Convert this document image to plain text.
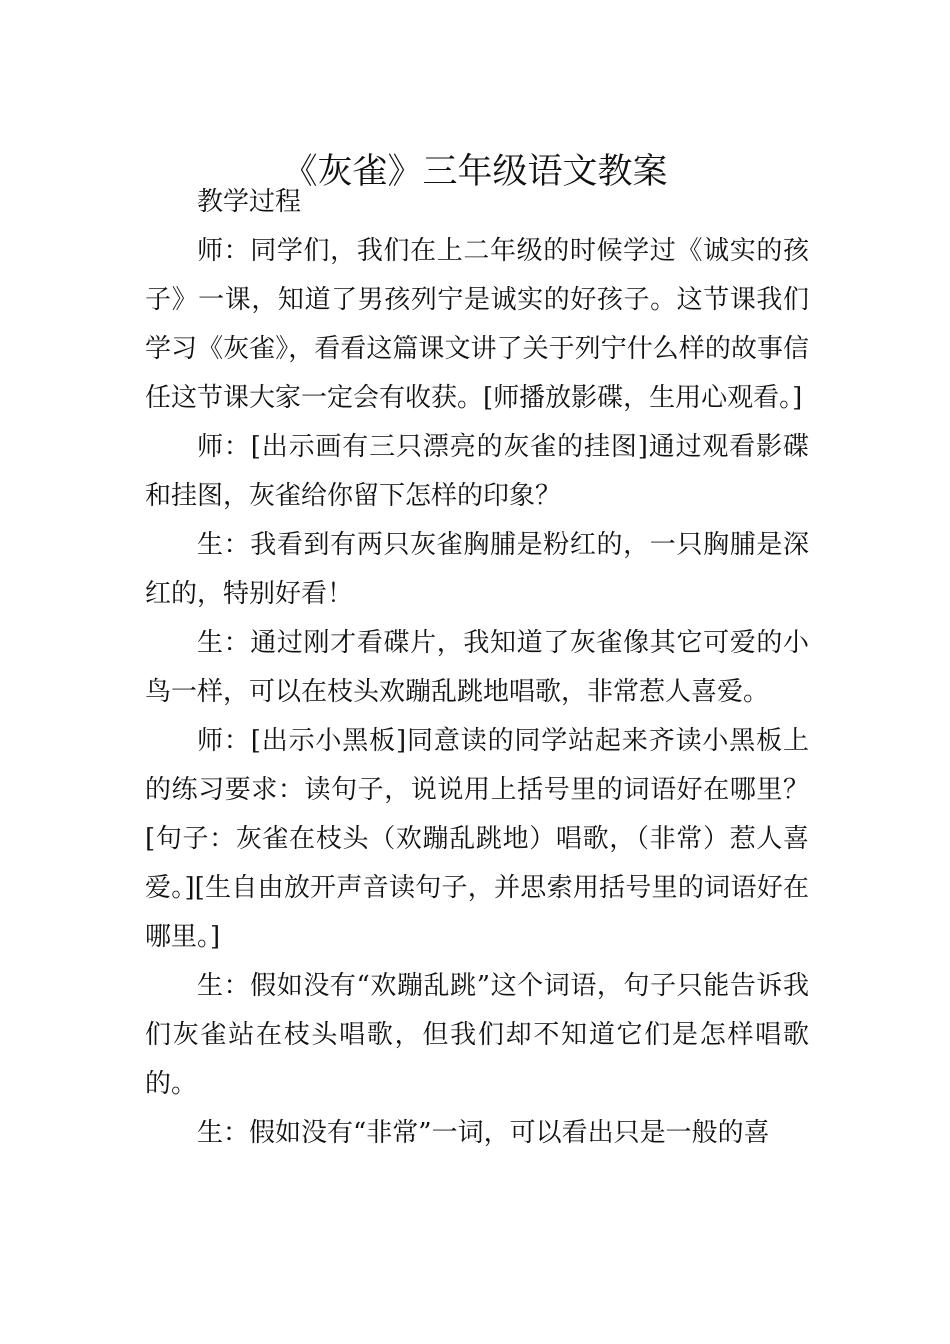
《灰雀》三年级语文教案

教学过程

师：同学们，我们在上二年级的时候学过《诚实的孩子》一课，知道了男孩列宁是诚实的好孩子。这节课我们学习《灰雀》，看看这篇课文讲了关于列宁什么样的故事信任这节课大家一定会有收获。[师播放影碟，生用心观看。]

师：[出示画有三只漂亮的灰雀的挂图]通过观看影碟和挂图，灰雀给你留下怎样的印象？

生：我看到有两只灰雀胸脯是粉红的，一只胸脯是深红的，特别好看！

生：通过刚才看碟片，我知道了灰雀像其它可爱的小鸟一样，可以在枝头欢蹦乱跳地唱歌，非常惹人喜爱。

师：[出示小黑板]同意读的同学站起来齐读小黑板上的练习要求：读句子，说说用上括号里的词语好在哪里？[句子：灰雀在枝头（欢蹦乱跳地）唱歌，（非常）惹人喜爱。][生自由放开声音读句子，并思索用括号里的词语好在哪里。]

生：假如没有“欢蹦乱跳”这个词语，句子只能告诉我们灰雀站在枝头唱歌，但我们却不知道它们是怎样唱歌的。

生：假如没有“非常”一词，可以看出只是一般的喜
